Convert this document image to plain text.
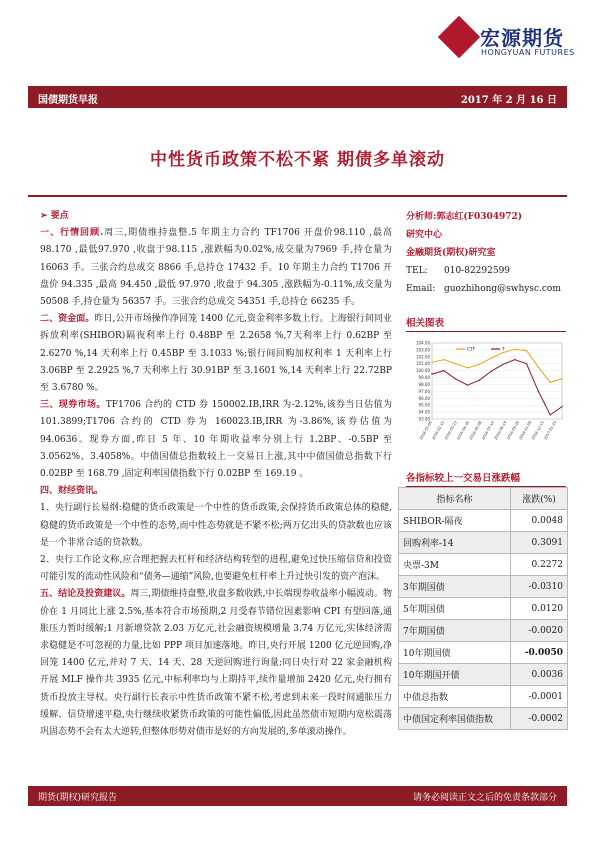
宏源期货
HONGYUAN FUTURES
国债期货早报	2017 年 2 月 16 日
中性货币政策不松不紧 期债多单滚动

➢ 要点

一、行情回顾.周三,期债维持盘整.5 年期主力合约 TF1706 开盘价98.110 ,最高98.170 ,最低97.970 ,收盘于98.115 ,涨跌幅为0.02%,成交量为7969 手,持仓量为 16063 手。三张合约总成交 8866 手,总持仓 17432 手。10 年期主力合约 T1706 开盘价 94.335 ,最高 94.450 ,最低 97.970 ,收盘于 94.305 ,涨跌幅为-0.11%,成交量为 50508 手,持仓量为 56357 手。三张合约总成交 54351 手,总持仓 66235 手。

二、资金面。昨日,公开市场操作净回笼 1400 亿元,资金利率多数上行。上海银行间同业拆放利率(SHIBOR)隔夜利率上行 0.48BP 至 2.2658 %,7天利率上行 0.62BP 至 2.6270 %,14 天利率上行 0.45BP 至 3.1033 %;银行间回购加权利率 1 天利率上行 3.06BP 至 2.2925 %,7 天利率上行 30.91BP 至 3.1601 %,14 天利率上行 22.72BP 至 3.6780 %。

三、现券市场。TF1706 合约的 CTD 券 150002.IB,IRR 为-2.12%,该券当日估值为 101.3899;T1706 合约的 CTD 券为 160023.IB,IRR 为-3.86%,该券估值为 94.0636。现券方面,昨日 5 年、10 年期收益率分别上行 1.2BP、-0.5BP 至 3.0562%、3.4058%。中债国债总指数较上一交易日上涨,其中中债国债总指数下行 0.02BP 至 168.79 ,固定利率国债指数下行 0.02BP 至 169.19 。

四、财经资讯。

1、央行副行长易纲:稳健的货币政策是一个中性的货币政策,会保持货币政策总体的稳健,稳健的货币政策是一个中性的态势,而中性态势就是不紧不松;两万亿出头的贷款数也应该是一个非常合适的贷款数。

2、央行工作论文称,应合理把握去杠杆和经济结构转型的进程,避免过快压缩信贷和投资可能引发的流动性风险和“债务—通缩”风险,也要避免杠杆率上升过快引发的资产泡沫。

五、结论及投资建议。周三,期债维持盘整,收盘多数收跌,中长端现券收益率小幅波动。物价在 1 月同比上涨 2.5%,基本符合市场预期,2 月受春节错位因素影响 CPI 有望回落,通胀压力暂时缓解;1 月新增贷款 2.03 万亿元,社会融资规模增量 3.74 万亿元,实体经济需求稳健是不可忽视的力量,比如 PPP 项目加速落地。昨日,央行开展 1200 亿元逆回购,净回笼 1400 亿元,并对 7 天、14 天、28 天逆回购进行询量;同日央行对 22 家金融机构开展 MLF 操作共 3935 亿元,中标利率均与上期持平,续作量增加 2420 亿元,央行拥有货币投放主导权。央行副行长表示中性货币政策不紧不松,考虑到未来一段时间通胀压力缓解、信贷增速平稳,央行继续收紧货币政策的可能性偏低,因此虽然债市短期内宽松震荡巩固态势不会有太大逆转,但整体形势对债市是好的方向发展的,多单滚动操作。

分析师:郭志红(F0304972)
研究中心
金融期货(期权)研究室
TEL: 010-82292599
Email: guozhihong@swhysc.com
相关图表
104.00
103.00
102.00
101.00
100.00
99.00
98.00
97.00
96.00
95.00
94.00
93.00
2016-01-04
2016-02-15
2016-03-23
2016-04-28
2016-06-08
2016-07-14
2016-08-19
2016-09-28
2016-11-09
2016-12-15
2017-01-23
CTF	T
各指标较上一交易日涨跌幅
指标名称	涨跌(%)
SHIBOR-隔夜	0.0048
回购利率-14	0.3091
央票-3M	0.2272
3年期国债	-0.0310
5年期国债	0.0120
7年期国债	-0.0020
10年期国债	-0.0050
10年期国开债	0.0036
中债总指数	-0.0001
中债国定利率国债指数	-0.0002
期货(期权)研究报告	请务必阅读正文之后的免责条款部分
